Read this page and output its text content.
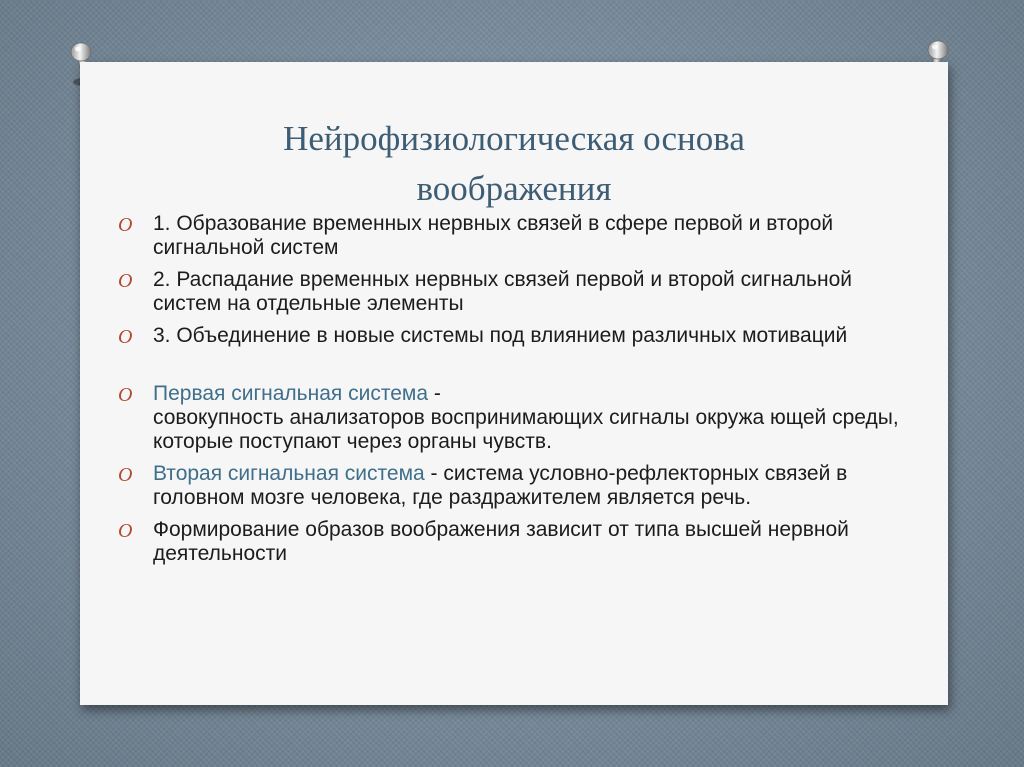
Нейрофизиологическая основа
воображения
O 1. Образование временных нервных связей в сфере первой и второй сигнальной систем
O 2. Распадание временных нервных связей первой и второй сигнальной систем на отдельные элементы
O 3. Объединение в новые системы под влиянием различных мотиваций
O Первая сигнальная система -
совокупность анализаторов воспринимающих сигналы окружа ющей среды, которые поступают через органы чувств.
O Вторая сигнальная система - система условно-рефлекторных связей в головном мозге человека, где раздражителем является речь.
O Формирование образов воображения зависит от типа высшей нервной деятельности
